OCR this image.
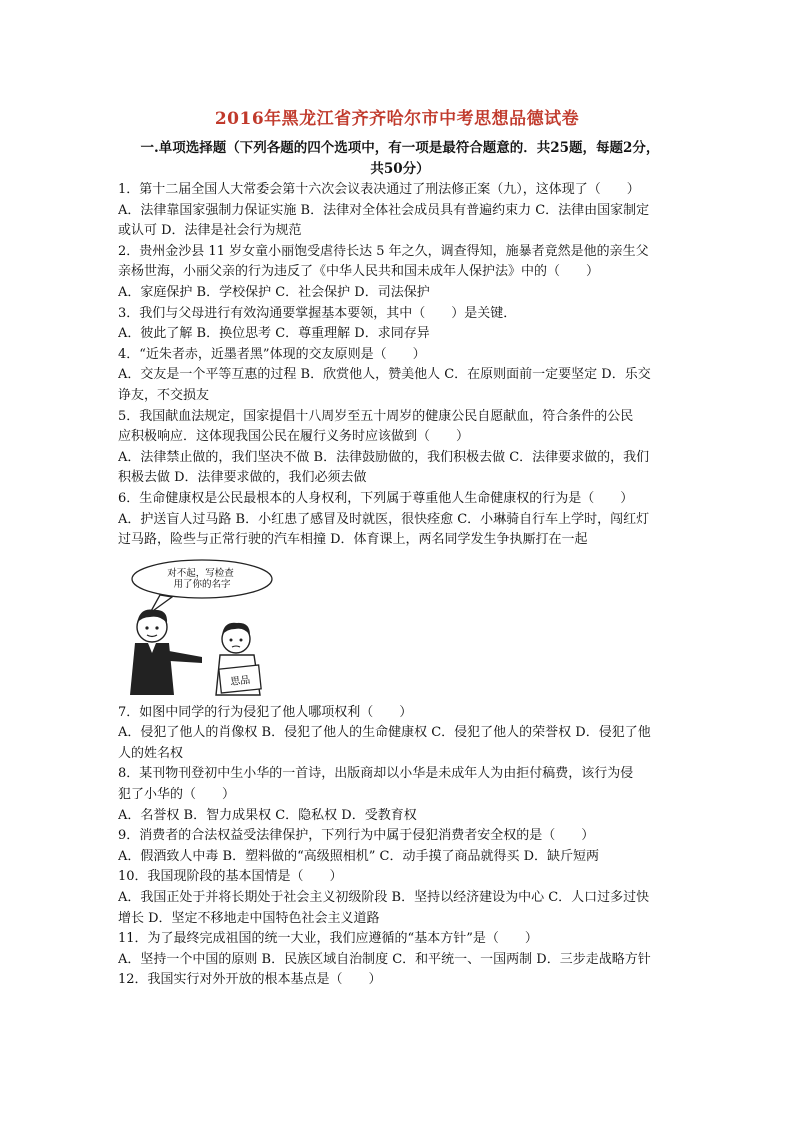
2016年黑龙江省齐齐哈尔市中考思想品德试卷
一.单项选择题（下列各题的四个选项中，有一项是最符合题意的．共25题，每题2分，
共50分）
1．第十二届全国人大常委会第十六次会议表决通过了刑法修正案（九），这体现了（　　）
A．法律靠国家强制力保证实施 B．法律对全体社会成员具有普遍约束力 C．法律由国家制定
或认可 D．法律是社会行为规范
2．贵州金沙县 11 岁女童小丽饱受虐待长达 5 年之久，调查得知，施暴者竟然是他的亲生父
亲杨世海，小丽父亲的行为违反了《中华人民共和国未成年人保护法》中的（　　）
A．家庭保护 B．学校保护 C．社会保护 D．司法保护
3．我们与父母进行有效沟通要掌握基本要领，其中（　　）是关键．
A．彼此了解 B．换位思考 C．尊重理解 D．求同存异
4．“近朱者赤，近墨者黑”体现的交友原则是（　　）
A．交友是一个平等互惠的过程 B．欣赏他人，赞美他人 C．在原则面前一定要坚定 D．乐交
诤友，不交损友
5．我国献血法规定，国家提倡十八周岁至五十周岁的健康公民自愿献血，符合条件的公民
应积极响应．这体现我国公民在履行义务时应该做到（　　）
A．法律禁止做的，我们坚决不做 B．法律鼓励做的，我们积极去做 C．法律要求做的，我们
积极去做 D．法律要求做的，我们必须去做
6．生命健康权是公民最根本的人身权利，下列属于尊重他人生命健康权的行为是（　　）
A．护送盲人过马路 B．小红患了感冒及时就医，很快痊愈 C．小琳骑自行车上学时，闯红灯
过马路，险些与正常行驶的汽车相撞 D．体育课上，两名同学发生争执厮打在一起
对不起，写检查 用了你的名字
思品
7．如图中同学的行为侵犯了他人哪项权利（　　）
A．侵犯了他人的肖像权 B．侵犯了他人的生命健康权 C．侵犯了他人的荣誉权 D．侵犯了他
人的姓名权
8．某刊物刊登初中生小华的一首诗，出版商却以小华是未成年人为由拒付稿费，该行为侵
犯了小华的（　　）
A．名誉权 B．智力成果权 C．隐私权 D．受教育权
9．消费者的合法权益受法律保护，下列行为中属于侵犯消费者安全权的是（　　）
A．假酒致人中毒 B．塑料做的“高级照相机” C．动手摸了商品就得买 D．缺斤短两
10．我国现阶段的基本国情是（　　）
A．我国正处于并将长期处于社会主义初级阶段 B．坚持以经济建设为中心 C．人口过多过快
增长 D．坚定不移地走中国特色社会主义道路
11．为了最终完成祖国的统一大业，我们应遵循的“基本方针”是（　　）
A．坚持一个中国的原则 B．民族区域自治制度 C．和平统一、一国两制 D．三步走战略方针
12．我国实行对外开放的根本基点是（　　）
